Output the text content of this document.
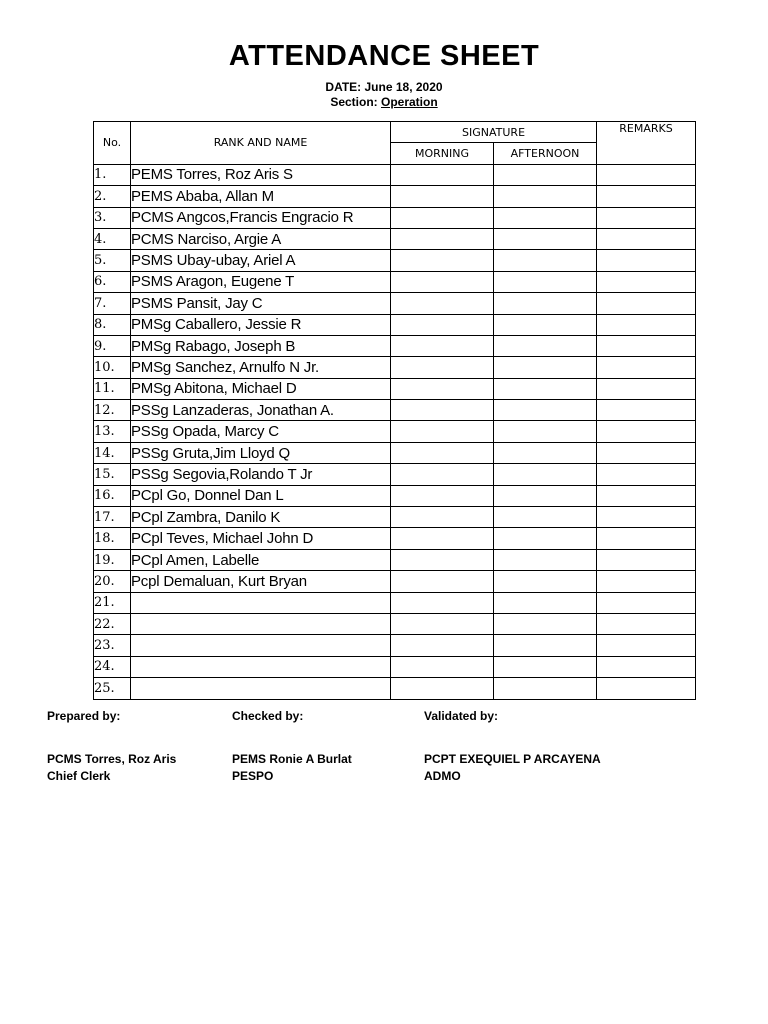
ATTENDANCE SHEET
DATE: June 18, 2020
Section: Operation
No.	RANK AND NAME	SIGNATURE		REMARKS
		MORNING	AFTERNOON	
1.	PEMS Torres, Roz Aris S			
2.	PEMS Ababa, Allan M			
3.	PCMS Angcos,Francis Engracio R			
4.	PCMS Narciso, Argie A			
5.	PSMS Ubay-ubay, Ariel A			
6.	PSMS Aragon, Eugene T			
7.	PSMS Pansit, Jay C			
8.	PMSg Caballero, Jessie R			
9.	PMSg Rabago, Joseph B			
10.	PMSg Sanchez, Arnulfo N Jr.			
11.	PMSg Abitona, Michael D			
12.	PSSg Lanzaderas, Jonathan A.			
13.	PSSg Opada, Marcy C			
14.	PSSg Gruta,Jim Lloyd Q			
15.	PSSg Segovia,Rolando T Jr			
16.	PCpl Go, Donnel Dan L			
17.	PCpl Zambra, Danilo K			
18.	PCpl Teves, Michael John D			
19.	PCpl Amen, Labelle			
20.	Pcpl Demaluan, Kurt Bryan			
21.				
22.				
23.				
24.				
25.				
Prepared by:	Checked by:	Validated by:
PCMS Torres, Roz Aris	PEMS Ronie A Burlat	PCPT EXEQUIEL P ARCAYENA
Chief Clerk	PESPO	ADMO
